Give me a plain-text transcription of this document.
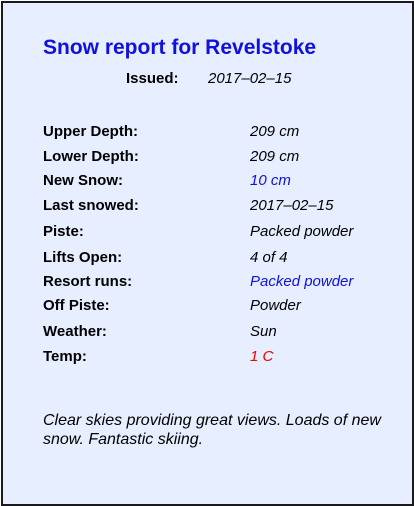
Snow report for Revelstoke
Issued: 2017–02–15
Upper Depth:	209 cm
Lower Depth:	209 cm
New Snow:	10 cm
Last snowed:	2017–02–15
Piste:	Packed powder
Lifts Open:	4 of 4
Resort runs:	Packed powder
Off Piste:	Powder
Weather:	Sun
Temp:	1 C
Clear skies providing great views. Loads of new snow. Fantastic skiing.
